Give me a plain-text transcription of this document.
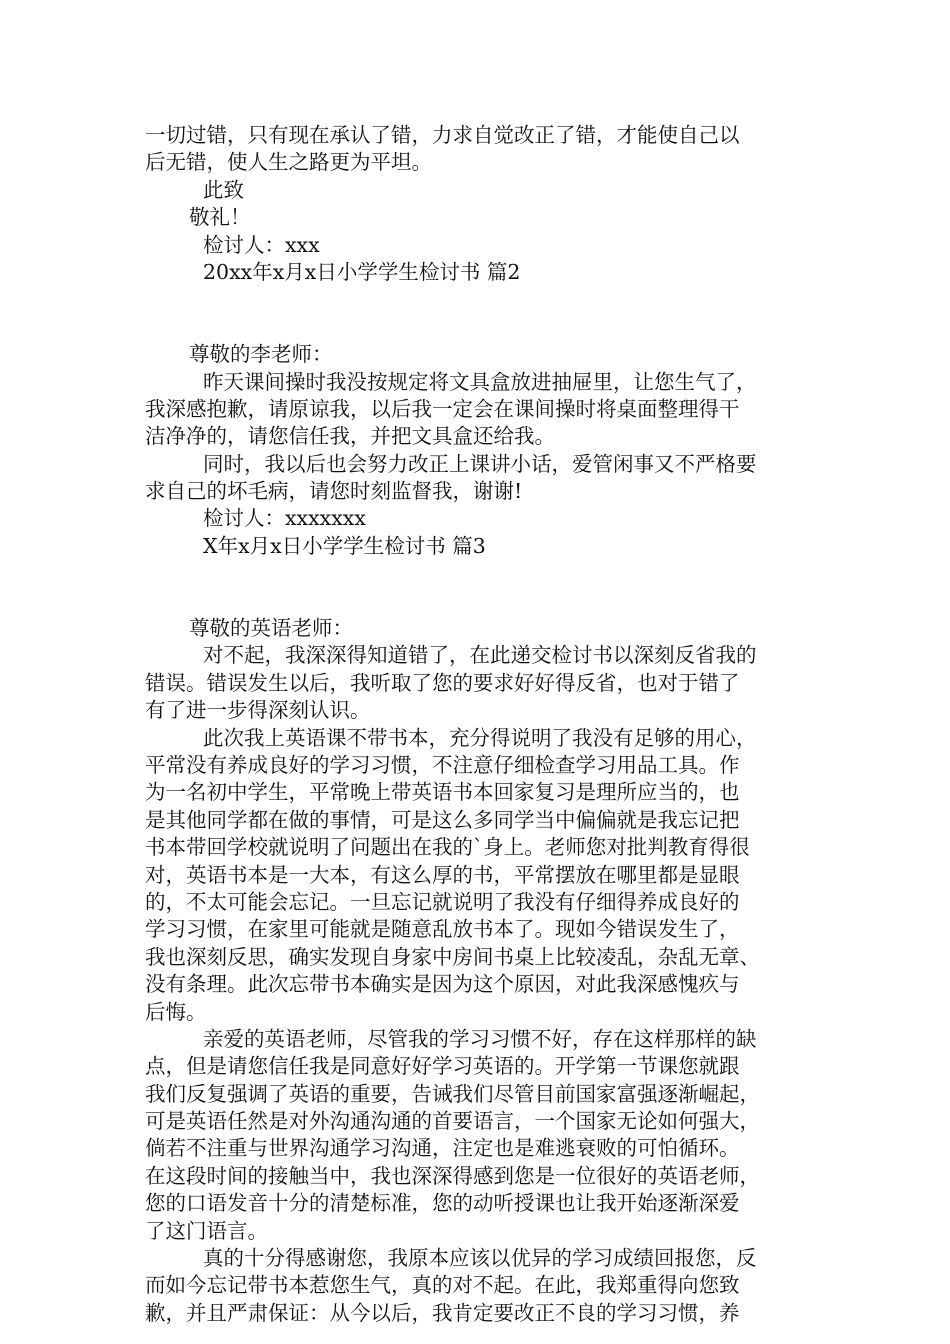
一切过错，只有现在承认了错，力求自觉改正了错，才能使自己以
后无错，使人生之路更为平坦。
此致
敬礼！
检讨人：xxx
20xx年x月x日小学学生检讨书 篇2
尊敬的李老师：
昨天课间操时我没按规定将文具盒放进抽屉里，让您生气了，
我深感抱歉，请原谅我，以后我一定会在课间操时将桌面整理得干
洁净净的，请您信任我，并把文具盒还给我。
同时，我以后也会努力改正上课讲小话，爱管闲事又不严格要
求自己的坏毛病，请您时刻监督我，谢谢!
检讨人：xxxxxxx
X年x月x日小学学生检讨书 篇3
尊敬的英语老师：
对不起，我深深得知道错了，在此递交检讨书以深刻反省我的
错误。错误发生以后，我听取了您的要求好好得反省，也对于错了
有了进一步得深刻认识。
此次我上英语课不带书本，充分得说明了我没有足够的用心，
平常没有养成良好的学习习惯，不注意仔细检查学习用品工具。作
为一名初中学生，平常晚上带英语书本回家复习是理所应当的，也
是其他同学都在做的事情，可是这么多同学当中偏偏就是我忘记把
书本带回学校就说明了问题出在我的`身上。老师您对批判教育得很
对，英语书本是一大本，有这么厚的书，平常摆放在哪里都是显眼
的，不太可能会忘记。一旦忘记就说明了我没有仔细得养成良好的
学习习惯，在家里可能就是随意乱放书本了。现如今错误发生了，
我也深刻反思，确实发现自身家中房间书桌上比较凌乱，杂乱无章、
没有条理。此次忘带书本确实是因为这个原因，对此我深感愧疚与
后悔。
亲爱的英语老师，尽管我的学习习惯不好，存在这样那样的缺
点，但是请您信任我是同意好好学习英语的。开学第一节课您就跟
我们反复强调了英语的重要，告诫我们尽管目前国家富强逐渐崛起，
可是英语任然是对外沟通沟通的首要语言，一个国家无论如何强大，
倘若不注重与世界沟通学习沟通，注定也是难逃衰败的可怕循环。
在这段时间的接触当中，我也深深得感到您是一位很好的英语老师，
您的口语发音十分的清楚标准，您的动听授课也让我开始逐渐深爱
了这门语言。
真的十分得感谢您，我原本应该以优异的学习成绩回报您，反
而如今忘记带书本惹您生气，真的对不起。在此，我郑重得向您致
歉，并且严肃保证：从今以后，我肯定要改正不良的学习习惯，养
